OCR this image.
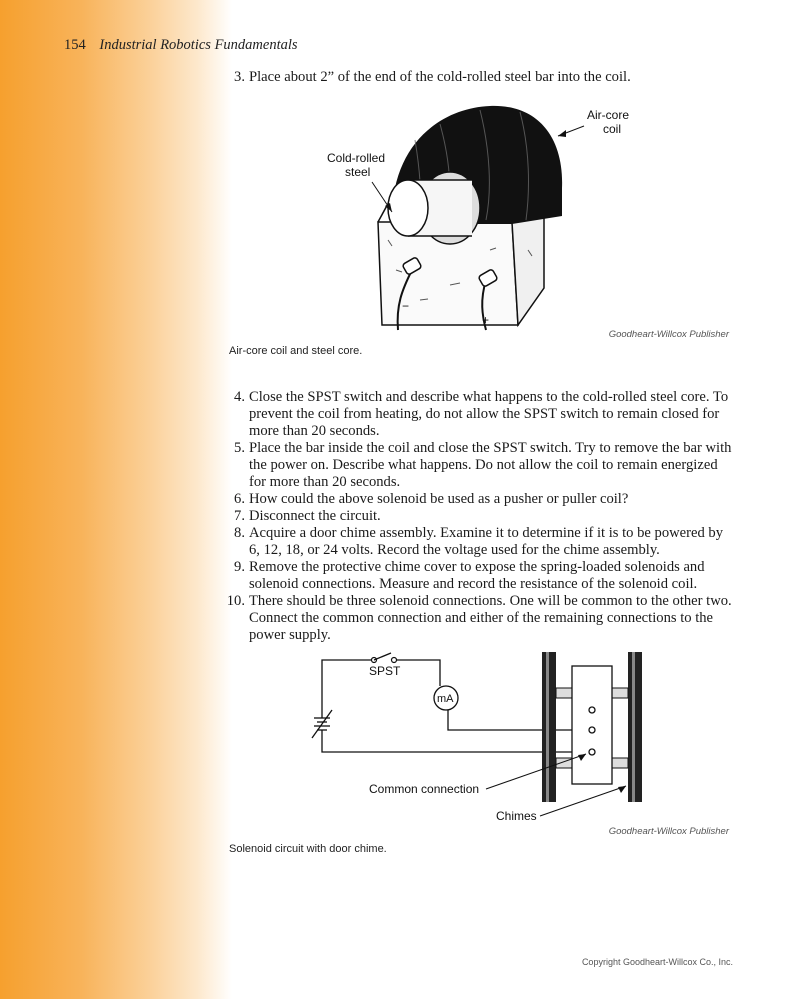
154 Industrial Robotics Fundamentals
3. Place about 2” of the end of the cold-rolled steel bar into the coil.
−
+
Air-core
coil
Cold-rolled
steel
Goodheart-Willcox Publisher
Air-core coil and steel core.
4. Close the SPST switch and describe what happens to the cold-rolled steel core. To prevent the coil from heating, do not allow the SPST switch to remain closed for more than 20 seconds.
5. Place the bar inside the coil and close the SPST switch. Try to remove the bar with the power on. Describe what happens. Do not allow the coil to remain energized for more than 20 seconds.
6. How could the above solenoid be used as a pusher or puller coil?
7. Disconnect the circuit.
8. Acquire a door chime assembly. Examine it to determine if it is to be powered by 6, 12, 18, or 24 volts. Record the voltage used for the chime assembly.
9. Remove the protective chime cover to expose the spring-loaded solenoids and solenoid connections. Measure and record the resistance of the solenoid coil.
10. There should be three solenoid connections. One will be common to the other two. Connect the common connection and either of the remaining connections to the power supply.
SPST
mA
Common connection
Chimes
Goodheart-Willcox Publisher
Solenoid circuit with door chime.
Copyright Goodheart-Willcox Co., Inc.
